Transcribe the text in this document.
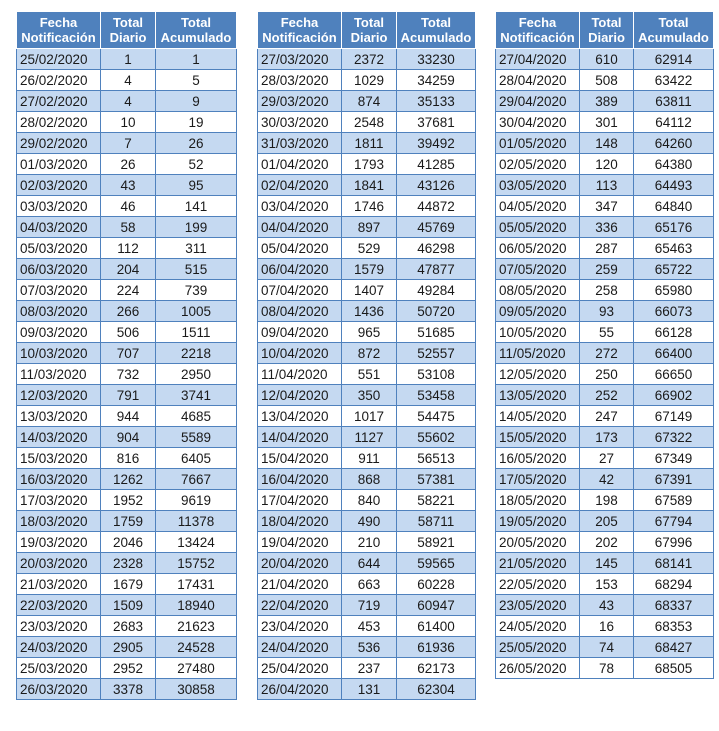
Fecha Notificación	Total Diario	Total Acumulado
25/02/2020	1	1
26/02/2020	4	5
27/02/2020	4	9
28/02/2020	10	19
29/02/2020	7	26
01/03/2020	26	52
02/03/2020	43	95
03/03/2020	46	141
04/03/2020	58	199
05/03/2020	112	311
06/03/2020	204	515
07/03/2020	224	739
08/03/2020	266	1005
09/03/2020	506	1511
10/03/2020	707	2218
11/03/2020	732	2950
12/03/2020	791	3741
13/03/2020	944	4685
14/03/2020	904	5589
15/03/2020	816	6405
16/03/2020	1262	7667
17/03/2020	1952	9619
18/03/2020	1759	11378
19/03/2020	2046	13424
20/03/2020	2328	15752
21/03/2020	1679	17431
22/03/2020	1509	18940
23/03/2020	2683	21623
24/03/2020	2905	24528
25/03/2020	2952	27480
26/03/2020	3378	30858
Fecha Notificación	Total Diario	Total Acumulado
27/03/2020	2372	33230
28/03/2020	1029	34259
29/03/2020	874	35133
30/03/2020	2548	37681
31/03/2020	1811	39492
01/04/2020	1793	41285
02/04/2020	1841	43126
03/04/2020	1746	44872
04/04/2020	897	45769
05/04/2020	529	46298
06/04/2020	1579	47877
07/04/2020	1407	49284
08/04/2020	1436	50720
09/04/2020	965	51685
10/04/2020	872	52557
11/04/2020	551	53108
12/04/2020	350	53458
13/04/2020	1017	54475
14/04/2020	1127	55602
15/04/2020	911	56513
16/04/2020	868	57381
17/04/2020	840	58221
18/04/2020	490	58711
19/04/2020	210	58921
20/04/2020	644	59565
21/04/2020	663	60228
22/04/2020	719	60947
23/04/2020	453	61400
24/04/2020	536	61936
25/04/2020	237	62173
26/04/2020	131	62304
Fecha Notificación	Total Diario	Total Acumulado
27/04/2020	610	62914
28/04/2020	508	63422
29/04/2020	389	63811
30/04/2020	301	64112
01/05/2020	148	64260
02/05/2020	120	64380
03/05/2020	113	64493
04/05/2020	347	64840
05/05/2020	336	65176
06/05/2020	287	65463
07/05/2020	259	65722
08/05/2020	258	65980
09/05/2020	93	66073
10/05/2020	55	66128
11/05/2020	272	66400
12/05/2020	250	66650
13/05/2020	252	66902
14/05/2020	247	67149
15/05/2020	173	67322
16/05/2020	27	67349
17/05/2020	42	67391
18/05/2020	198	67589
19/05/2020	205	67794
20/05/2020	202	67996
21/05/2020	145	68141
22/05/2020	153	68294
23/05/2020	43	68337
24/05/2020	16	68353
25/05/2020	74	68427
26/05/2020	78	68505
